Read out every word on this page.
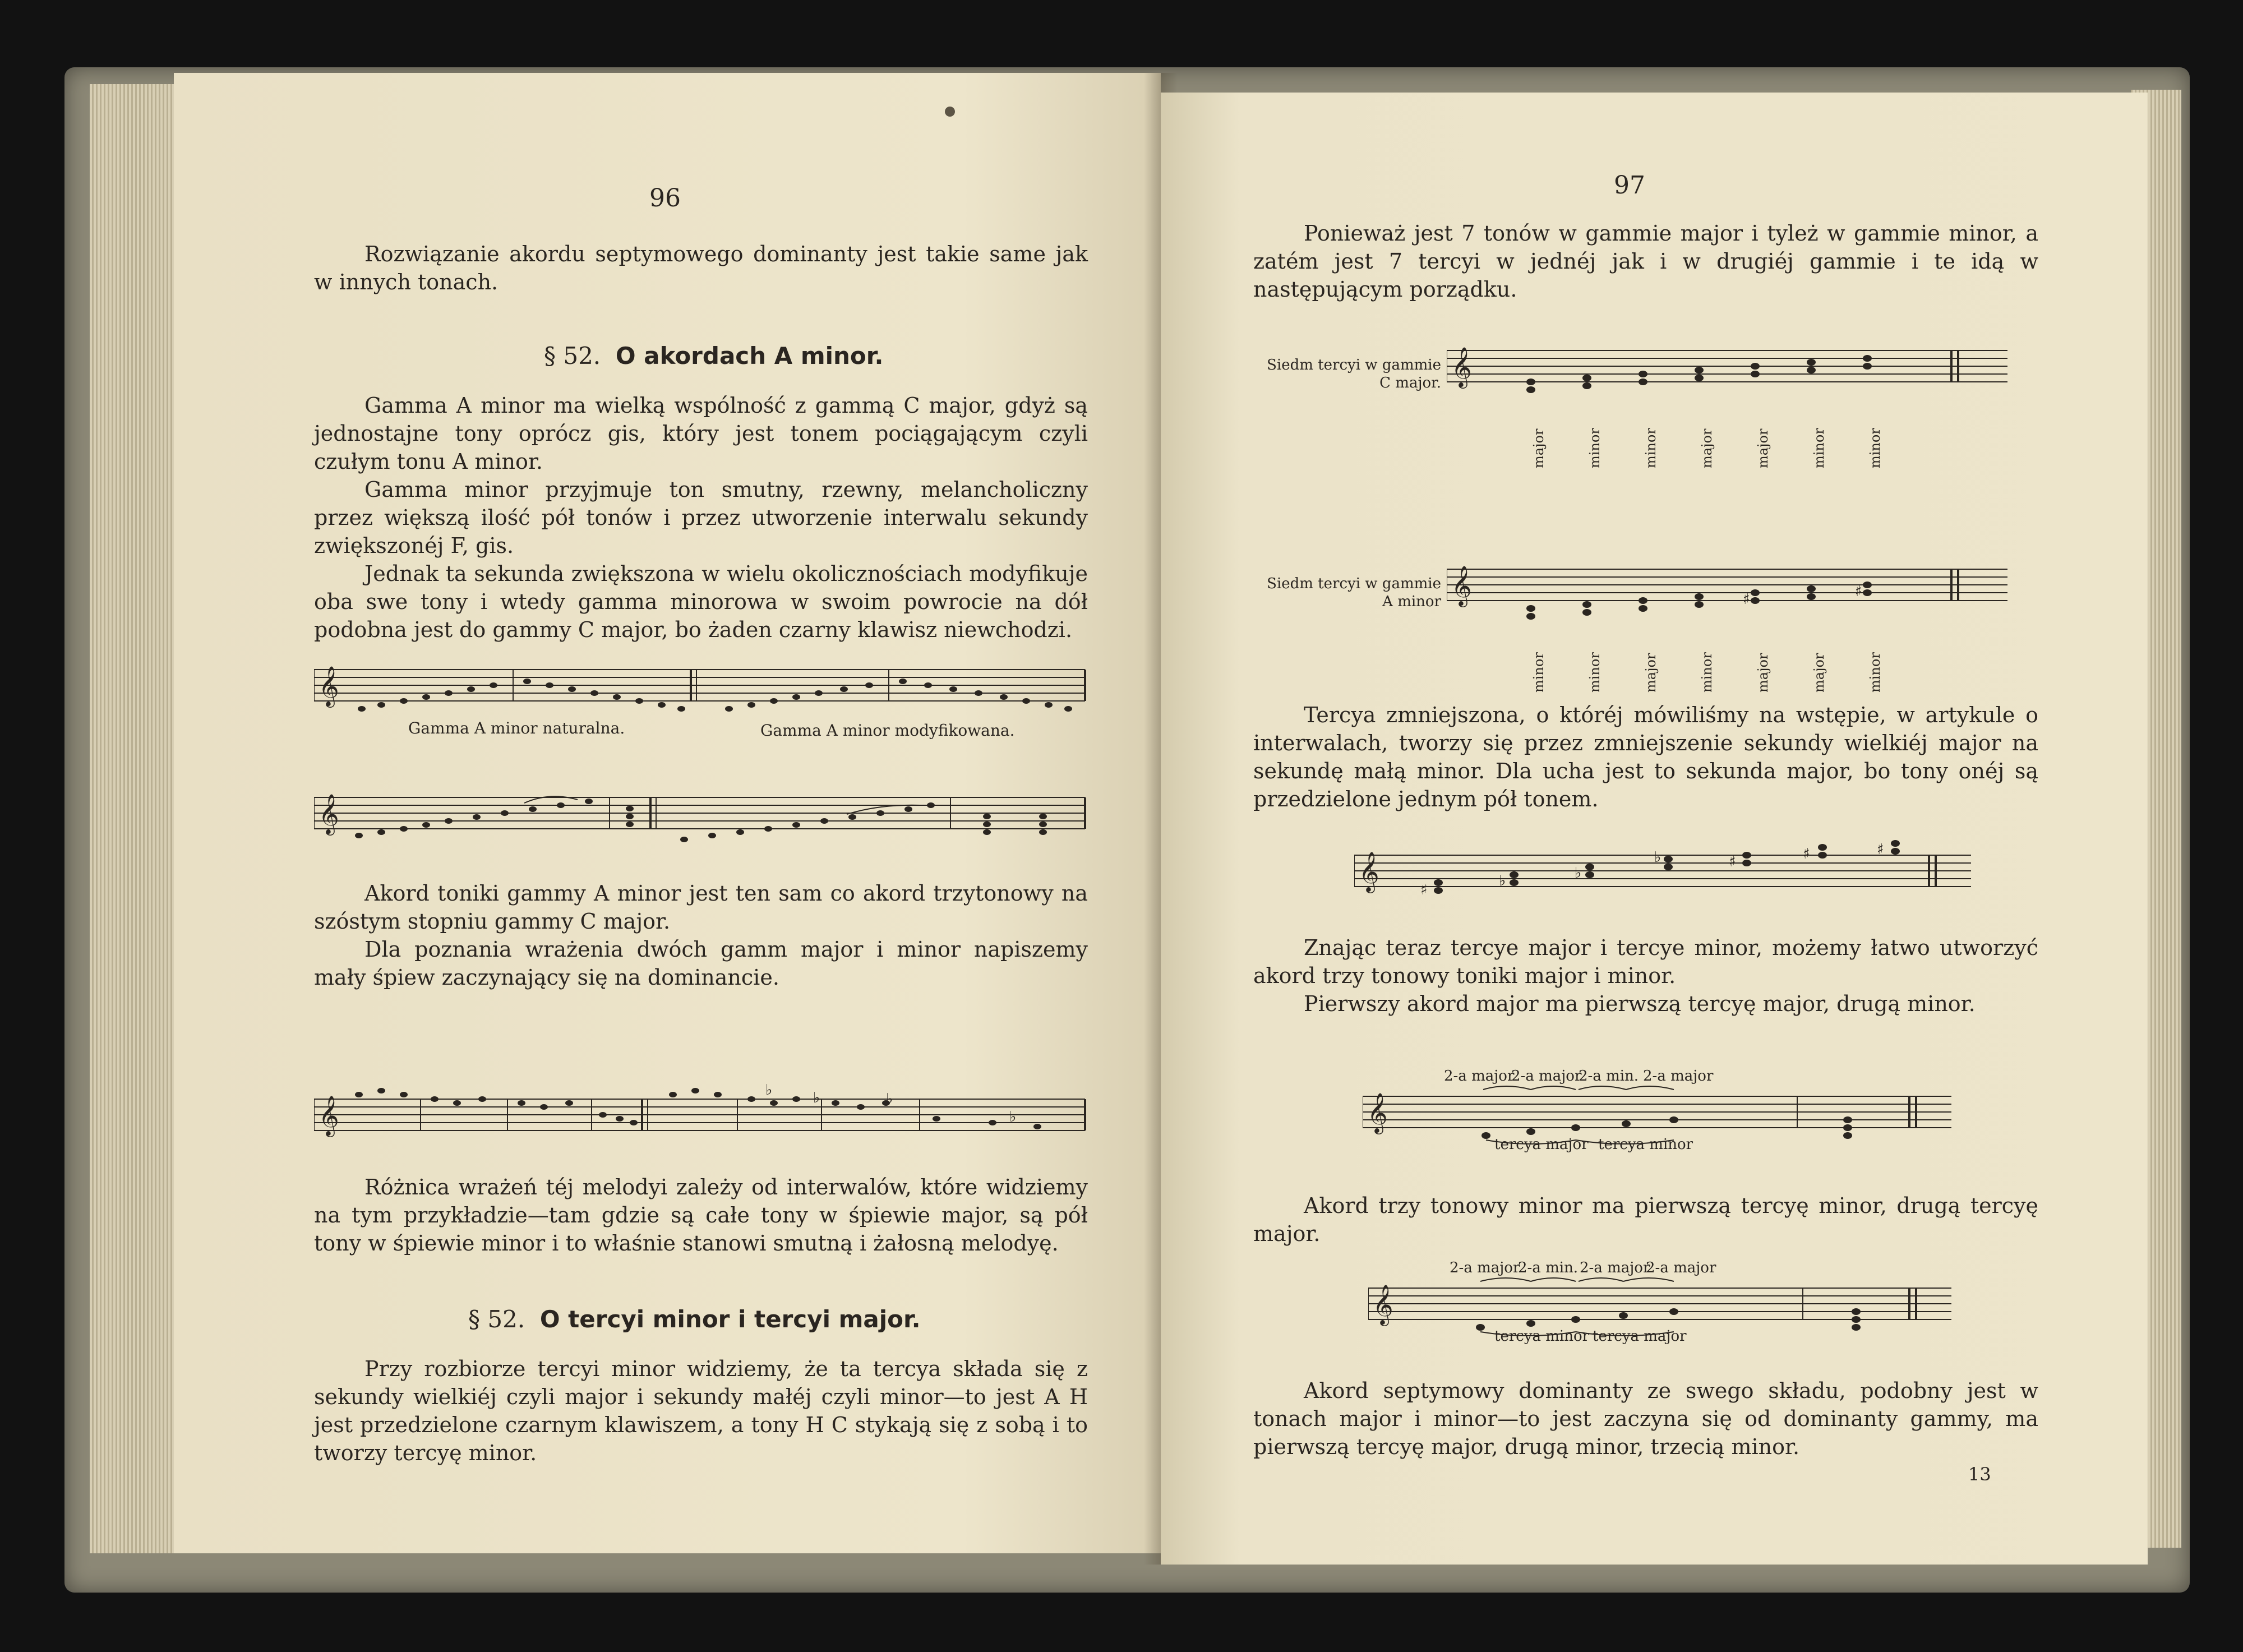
96
Rozwiązanie akordu septymowego dominanty jest takie same jak w innych tonach.
§ 52. O akordach A minor.
Gamma A minor ma wielką wspólność z gammą C major, gdyż są jednostajne tony oprócz gis, który jest tonem pociągającym czyli czułym tonu A minor.
Gamma minor przyjmuje ton smutny, rzewny, melancholiczny przez większą ilość pół tonów i przez utworzenie interwalu sekundy zwiększonéj F, gis.
Jednak ta sekunda zwiększona w wielu okolicznościach modyfikuje oba swe tony i wtedy gamma minorowa w swoim powrocie na dół podobna jest do gammy C major, bo żaden czarny klawisz niewchodzi.
𝄞
Gamma A minor naturalna.	Gamma A minor modyfikowana.
𝄞
Akord toniki gammy A minor jest ten sam co akord trzytonowy na szóstym stopniu gammy C major.
Dla poznania wrażenia dwóch gamm major i minor napiszemy mały śpiew zaczynający się na dominancie.
𝄞
♭	♭	♭
♭
Różnica wrażeń téj melodyi zależy od interwalów, które widziemy na tym przykładzie—tam gdzie są całe tony w śpiewie major, są pół tony w śpiewie minor i to właśnie stanowi smutną i żałosną melodyę.
§ 52. O tercyi minor i tercyi major.
Przy rozbiorze tercyi minor widziemy, że ta tercya składa się z sekundy wielkiéj czyli major i sekundy małéj czyli minor—to jest A H jest przedzielone czarnym klawiszem, a tony H C stykają się z sobą i to tworzy tercyę minor.
97
Ponieważ jest 7 tonów w gammie major i tyleż w gammie minor, a zatém jest 7 tercyi w jednéj jak i w drugiéj gammie i te idą w następującym porządku.
Siedm tercyi w gammie
C major. 𝄞
major	minor	minor	major	major	minor	minor
Siedm tercyi w gammie
A minor 𝄞	♯	♯
minor	minor	major	minor	major	major	minor
Tercya zmniejszona, o któréj mówiliśmy na wstępie, w artykule o interwalach, tworzy się przez zmniejszenie sekundy wielkiéj major na sekundę małą minor. Dla ucha jest to sekunda major, bo tony onéj są przedzielone jednym pół tonem.
𝄞	♯
♭	♭
♭	♯	♯	♯
Znając teraz tercye major i tercye minor, możemy łatwo utworzyć akord trzy tonowy toniki major i minor.
Pierwszy akord major ma pierwszą tercyę major, drugą minor.
2-a major
2-a major
2-a min. 2-a major
𝄞
tercya major tercya minor
Akord trzy tonowy minor ma pierwszą tercyę minor, drugą tercyę major.
2-a major
2-a min. 2-a major
2-a major
𝄞
tercya minor tercya major
Akord septymowy dominanty ze swego składu, podobny jest w tonach major i minor—to jest zaczyna się od dominanty gammy, ma pierwszą tercyę major, drugą minor, trzecią minor.
13
